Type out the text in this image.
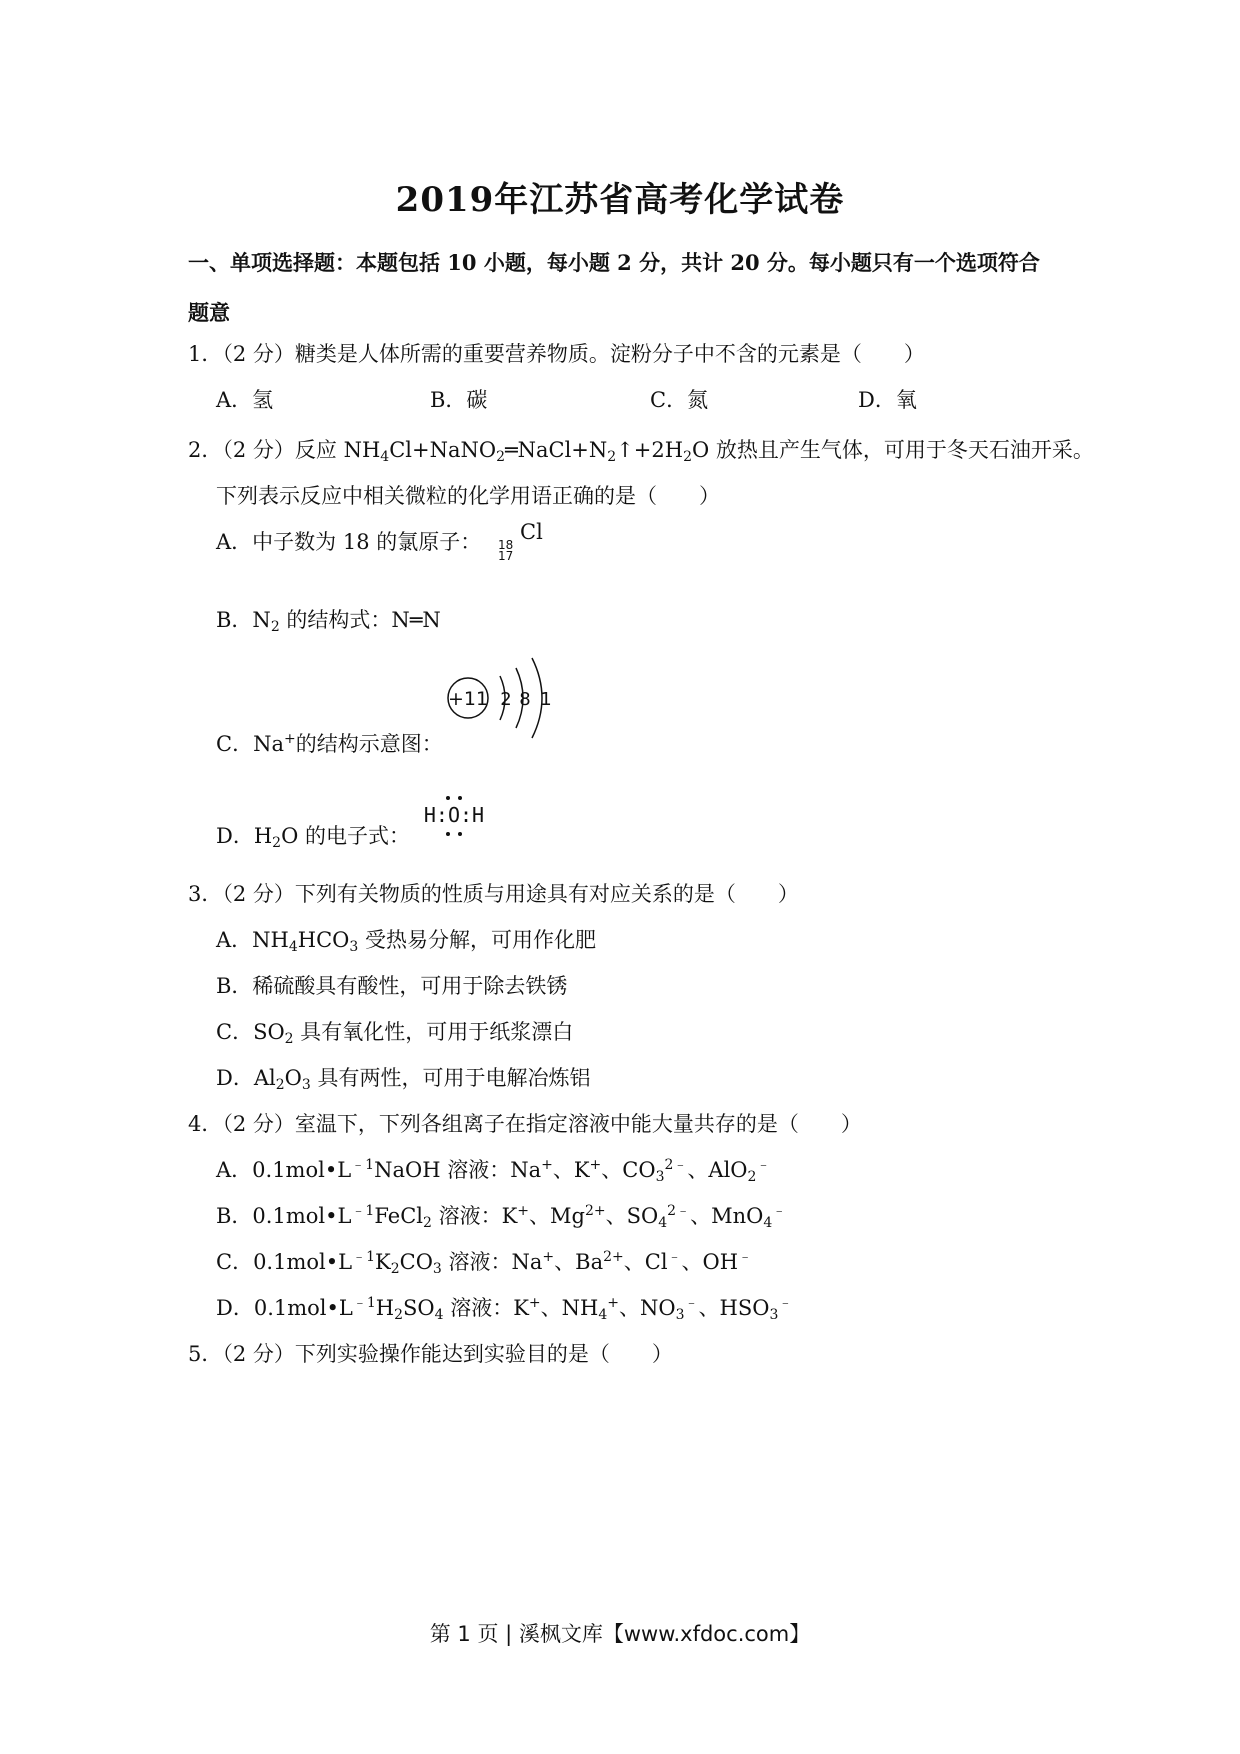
2019年江苏省高考化学试卷
一、单项选择题：本题包括 10 小题，每小题 2 分，共计 20 分。每小题只有一个选项符合
题意
1．（2 分）糖类是人体所需的重要营养物质。淀粉分子中不含的元素是（　　）
A．氢	B．碳	C．氮	D．氧
2．（2 分）反应 $NH_4Cl+NaNO_2═NaCl+N_2↑+2H_2O$ 放热且产生气体，可用于冬天石油开采。
下列表示反应中相关微粒的化学用语正确的是（　　）
A．中子数为 18 的氯原子： 18
17
Cl
B．$N_2$ 的结构式：N═N
C．Na+的结构示意图：
+11 2 8 1
D．$H_2O$ 的电子式：
H:O:H
3．（2 分）下列有关物质的性质与用途具有对应关系的是（　　）
A．$NH_4HCO_3$ 受热易分解，可用作化肥
B．稀硫酸具有酸性，可用于除去铁锈
C．$SO_2$ 具有氧化性，可用于纸浆漂白
D．$Al_2O_3$ 具有两性，可用于电解冶炼铝
4．（2 分）室温下，下列各组离子在指定溶液中能大量共存的是（　　）
A．$0.1mol•L^{﹣1}NaOH$ 溶液：Na+、K+、$CO_3^{2﹣}$、AlO$_2$﹣
B．$0.1mol•L^{﹣1}FeCl_2$ 溶液：K+、$Mg^{2+}$、$SO_4^{2﹣}$、MnO$_4$﹣
C．$0.1mol•L^{﹣1}K_2CO_3$ 溶液：Na+、$Ba^{2+}$、Cl﹣、OH﹣
D．$0.1mol•L^{﹣1}H_2SO_4$ 溶液：K+、$NH_4^+$、$NO_3^﹣$、$HSO_3^﹣$
5．（2 分）下列实验操作能达到实验目的是（　　）
第 1 页 | 溪枫文库【www.xfdoc.com】
